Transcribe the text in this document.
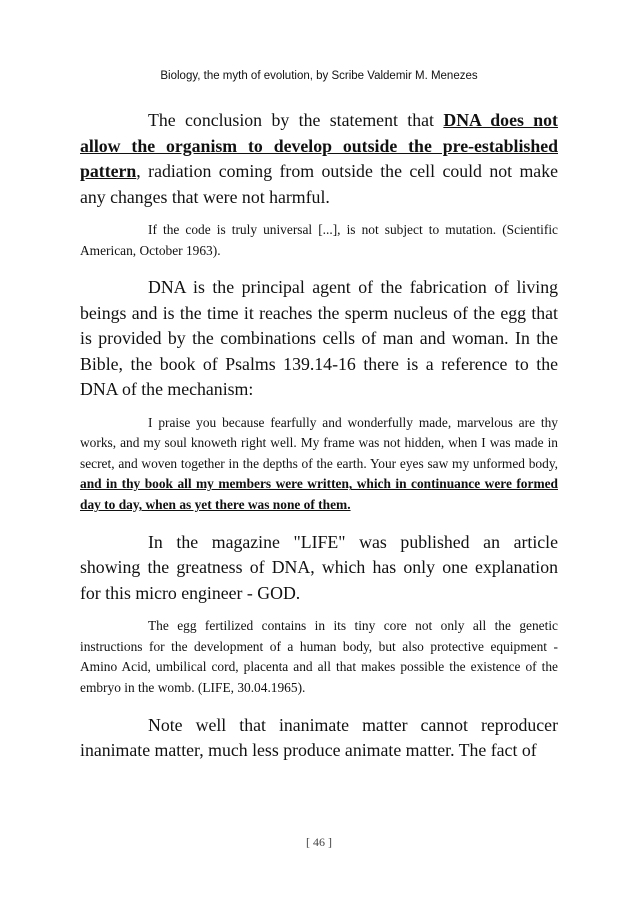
Biology, the myth of evolution, by Scribe Valdemir M. Menezes

The conclusion by the statement that DNA does not allow the organism to develop outside the pre-established pattern, radiation coming from outside the cell could not make any changes that were not harmful.

If the code is truly universal [...], is not subject to mutation. (Scientific American, October 1963).

DNA is the principal agent of the fabrication of living beings and is the time it reaches the sperm nucleus of the egg that is provided by the combinations cells of man and woman. In the Bible, the book of Psalms 139.14-16 there is a reference to the DNA of the mechanism:

I praise you because fearfully and wonderfully made, marvelous are thy works, and my soul knoweth right well. My frame was not hidden, when I was made in secret, and woven together in the depths of the earth. Your eyes saw my unformed body, and in thy book all my members were written, which in continuance were formed day to day, when as yet there was none of them.

In the magazine "LIFE" was published an article showing the greatness of DNA, which has only one explanation for this micro engineer - GOD.

The egg fertilized contains in its tiny core not only all the genetic instructions for the development of a human body, but also protective equipment - Amino Acid, umbilical cord, placenta and all that makes possible the existence of the embryo in the womb. (LIFE, 30.04.1965).

Note well that inanimate matter cannot reproducer inanimate matter, much less produce animate matter. The fact of

[ 46 ]
